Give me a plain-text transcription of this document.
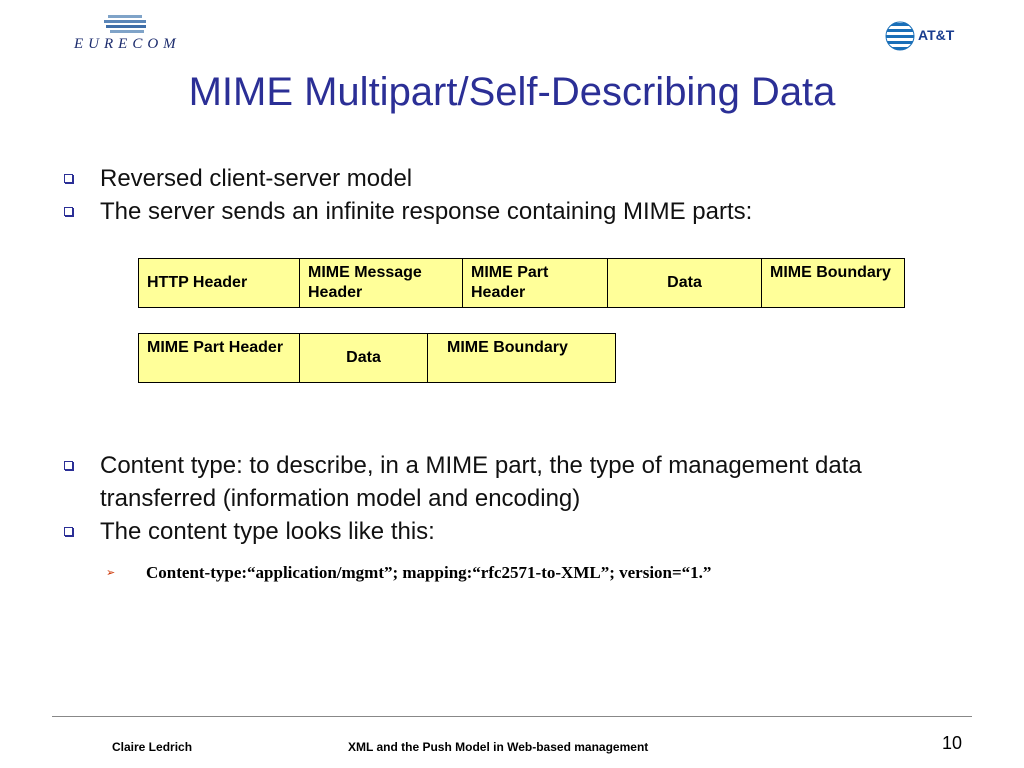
EURECOM
AT&T
MIME Multipart/Self-Describing Data
Reversed client-server model
The server sends an infinite response containing MIME parts:
HTTP Header
MIME Message Header
MIME Part Header
Data
MIME Boundary
MIME Part Header
Data
MIME Boundary
Content type: to describe, in a MIME part, the type of management data transferred (information model and encoding)
The content type looks like this:
➢ Content-type:“application/mgmt”; mapping:“rfc2571-to-XML”; version=“1.”
Claire Ledrich	XML and the Push Model in Web-based management	10
